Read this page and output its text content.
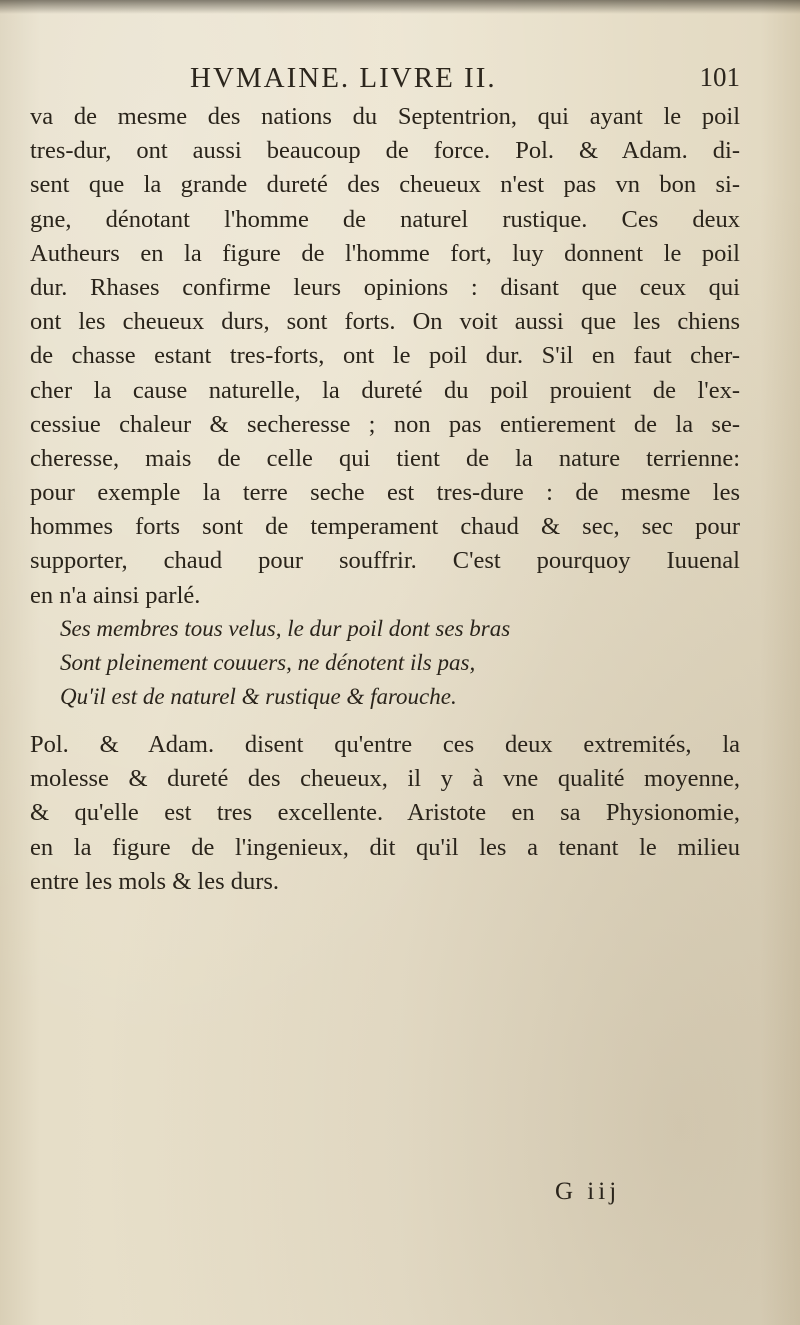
HVMAINE. LIVRE II.	101
va de mesme des nations du Septentrion, qui ayant le poil
tres-dur, ont aussi beaucoup de force. Pol. & Adam. di-
sent que la grande dureté des cheueux n'est pas vn bon si-
gne, dénotant l'homme de naturel rustique. Ces deux
Autheurs en la figure de l'homme fort, luy donnent le poil
dur. Rhases confirme leurs opinions : disant que ceux qui
ont les cheueux durs, sont forts. On voit aussi que les chiens
de chasse estant tres-forts, ont le poil dur. S'il en faut cher-
cher la cause naturelle, la dureté du poil prouient de l'ex-
cessiue chaleur & secheresse ; non pas entierement de la se-
cheresse, mais de celle qui tient de la nature terrienne:
pour exemple la terre seche est tres-dure : de mesme les
hommes forts sont de temperament chaud & sec, sec pour
supporter, chaud pour souffrir. C'est pourquoy Iuuenal
en n'a ainsi parlé.
Ses membres tous velus, le dur poil dont ses bras
Sont pleinement couuers, ne dénotent ils pas,
Qu'il est de naturel & rustique & farouche.
Pol. & Adam. disent qu'entre ces deux extremités, la
molesse & dureté des cheueux, il y à vne qualité moyenne,
& qu'elle est tres excellente. Aristote en sa Physionomie,
en la figure de l'ingenieux, dit qu'il les a tenant le milieu
entre les mols & les durs.
G iij
